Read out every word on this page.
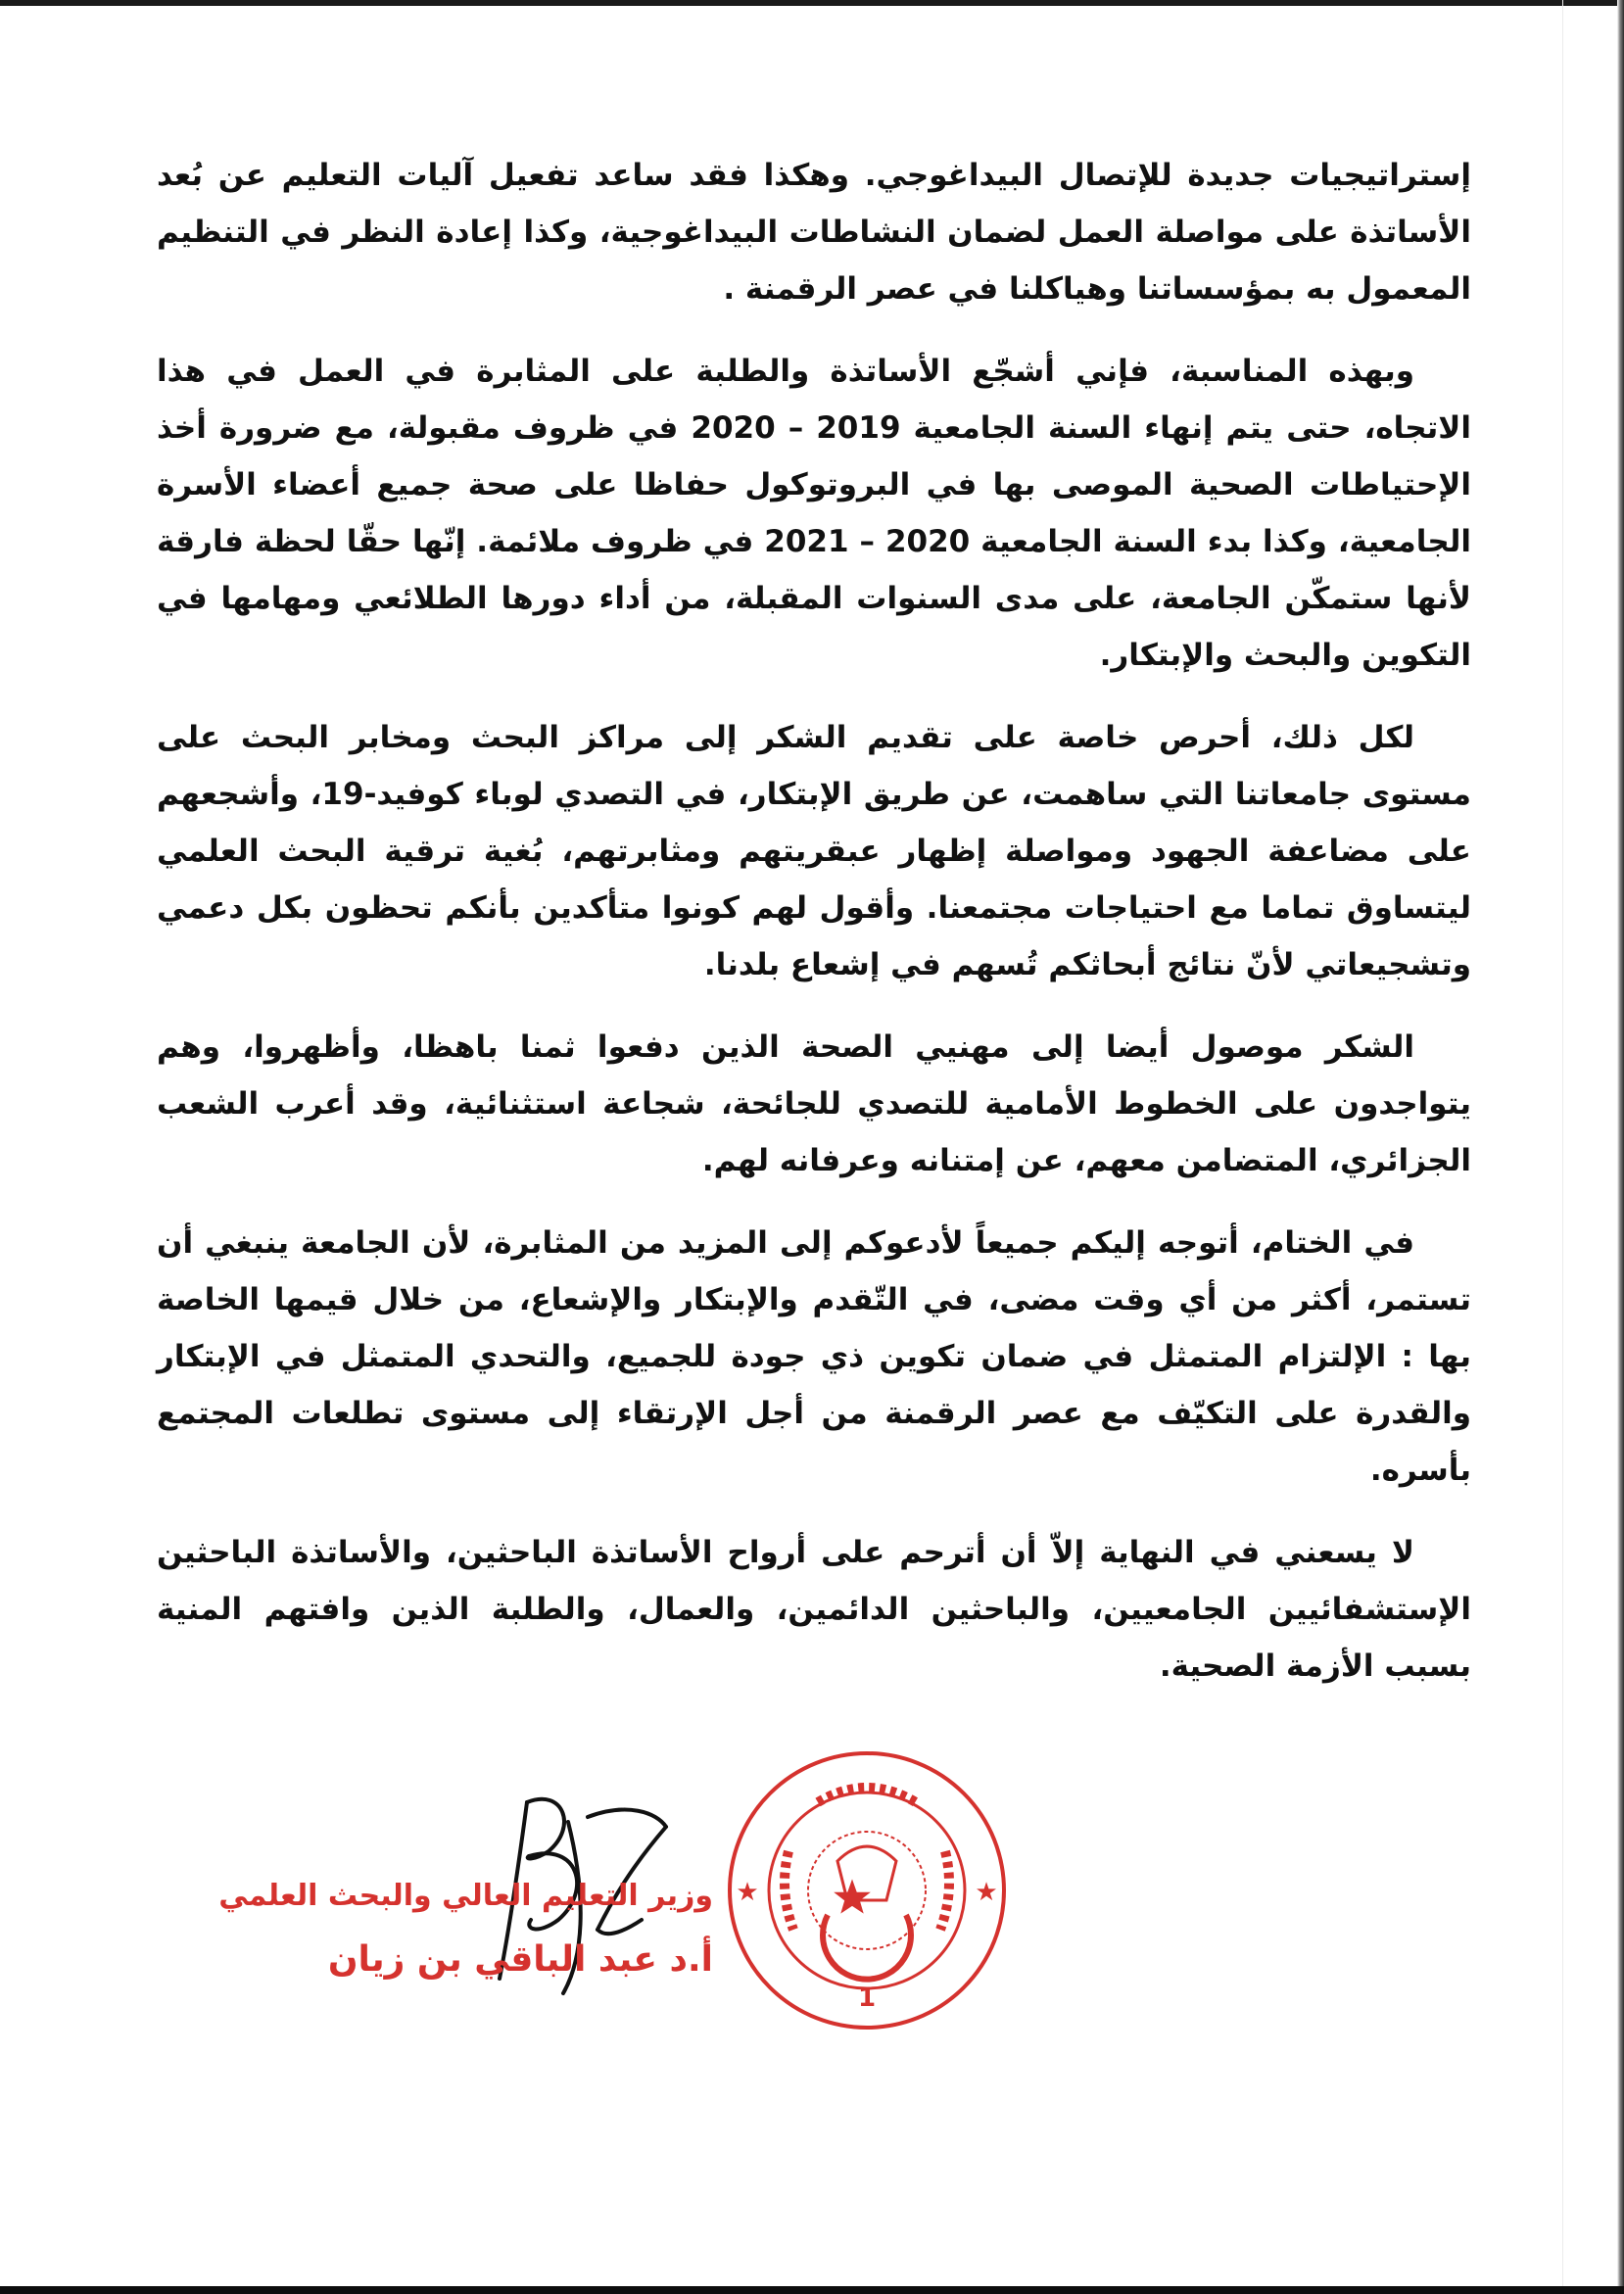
إستراتيجيات جديدة للإتصال البيداغوجي. وهكذا فقد ساعد تفعيل آليات التعليم عن بُعد الأساتذة على مواصلة العمل لضمان النشاطات البيداغوجية، وكذا إعادة النظر في التنظيم المعمول به بمؤسساتنا وهياكلنا في عصر الرقمنة .

وبهذه المناسبة، فإني أشجّع الأساتذة والطلبة على المثابرة في العمل في هذا الاتجاه، حتى يتم إنهاء السنة الجامعية 2019 – 2020 في ظروف مقبولة، مع ضرورة أخذ الإحتياطات الصحية الموصى بها في البروتوكول حفاظا على صحة جميع أعضاء الأسرة الجامعية، وكذا بدء السنة الجامعية 2020 – 2021 في ظروف ملائمة. إنّها حقّا لحظة فارقة لأنها ستمكّن الجامعة، على مدى السنوات المقبلة، من أداء دورها الطلائعي ومهامها في التكوين والبحث والإبتكار.

لكل ذلك، أحرص خاصة على تقديم الشكر إلى مراكز البحث ومخابر البحث على مستوى جامعاتنا التي ساهمت، عن طريق الإبتكار، في التصدي لوباء كوفيد-19، وأشجعهم على مضاعفة الجهود ومواصلة إظهار عبقريتهم ومثابرتهم، بُغية ترقية البحث العلمي ليتساوق تماما مع احتياجات مجتمعنا. وأقول لهم كونوا متأكدين بأنكم تحظون بكل دعمي وتشجيعاتي لأنّ نتائج أبحاثكم تُسهم في إشعاع بلدنا.

الشكر موصول أيضا إلى مهنيي الصحة الذين دفعوا ثمنا باهظا، وأظهروا، وهم يتواجدون على الخطوط الأمامية للتصدي للجائحة، شجاعة استثنائية، وقد أعرب الشعب الجزائري، المتضامن معهم، عن إمتنانه وعرفانه لهم.

في الختام، أتوجه إليكم جميعاً لأدعوكم إلى المزيد من المثابرة، لأن الجامعة ينبغي أن تستمر، أكثر من أي وقت مضى، في التّقدم والإبتكار والإشعاع، من خلال قيمها الخاصة بها : الإلتزام المتمثل في ضمان تكوين ذي جودة للجميع، والتحدي المتمثل في الإبتكار والقدرة على التكيّف مع عصر الرقمنة من أجل الإرتقاء إلى مستوى تطلعات المجتمع بأسره.

لا يسعني في النهاية إلاّ أن أترحم على أرواح الأساتذة الباحثين، والأساتذة الباحثين الإستشفائيين الجامعيين، والباحثين الدائمين، والعمال، والطلبة الذين وافتهم المنية بسبب الأزمة الصحية.

1
★	★
وزير التعليم العالي والبحث العلمي
أ.د عبد الباقي بن زيان
